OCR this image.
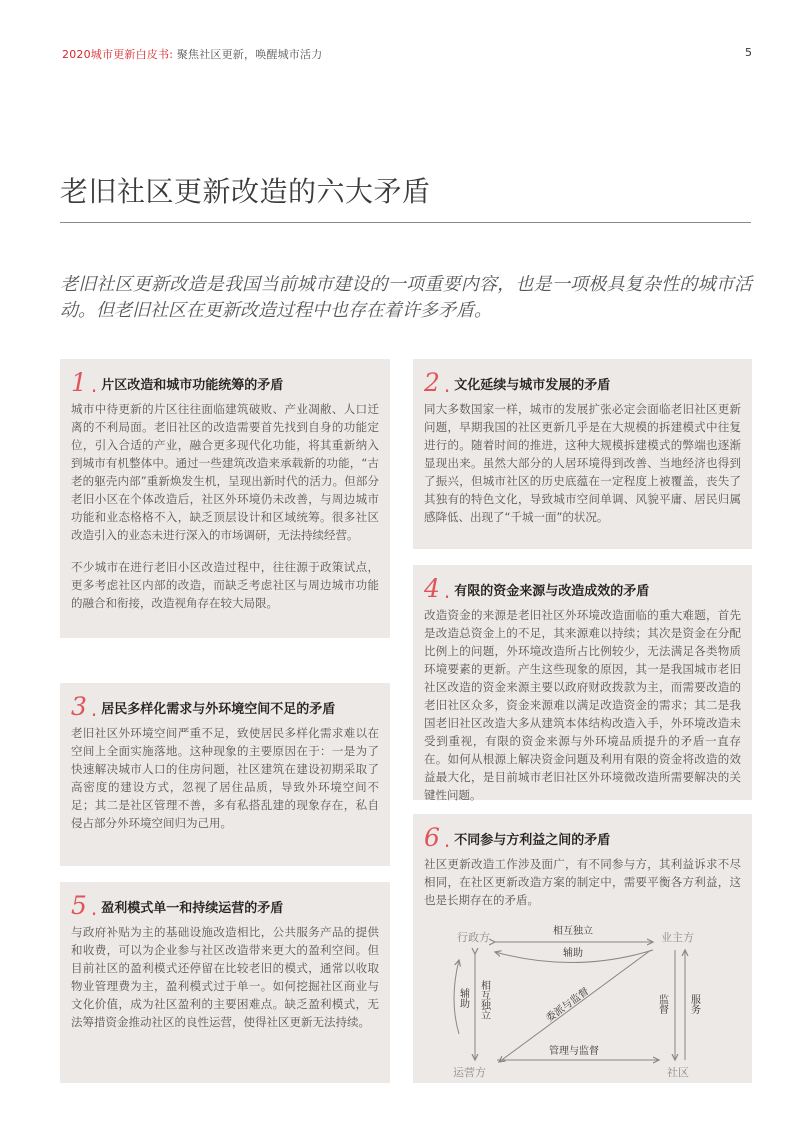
2020城市更新白皮书: 聚焦社区更新，唤醒城市活力	5
老旧社区更新改造的六大矛盾

老旧社区更新改造是我国当前城市建设的一项重要内容，也是一项极具复杂性的城市活动。但老旧社区在更新改造过程中也存在着许多矛盾。

1 . 片区改造和城市功能统筹的矛盾

城市中待更新的片区往往面临建筑破败、产业凋敝、人口迁离的不利局面。老旧社区的改造需要首先找到自身的功能定位，引入合适的产业，融合更多现代化功能，将其重新纳入到城市有机整体中。通过一些建筑改造来承载新的功能，“古老的躯壳内部”重新焕发生机，呈现出新时代的活力。但部分老旧小区在个体改造后，社区外环境仍未改善，与周边城市功能和业态格格不入，缺乏顶层设计和区域统筹。很多社区改造引入的业态未进行深入的市场调研，无法持续经营。

不少城市在进行老旧小区改造过程中，往往源于政策试点，更多考虑社区内部的改造，而缺乏考虑社区与周边城市功能的融合和衔接，改造视角存在较大局限。

2 . 文化延续与城市发展的矛盾

同大多数国家一样，城市的发展扩张必定会面临老旧社区更新问题，早期我国的社区更新几乎是在大规模的拆建模式中往复进行的。随着时间的推进，这种大规模拆建模式的弊端也逐渐显现出来。虽然大部分的人居环境得到改善、当地经济也得到了振兴，但城市社区的历史底蕴在一定程度上被覆盖，丧失了其独有的特色文化，导致城市空间单调、风貌平庸、居民归属感降低、出现了“千城一面”的状况。

3 . 居民多样化需求与外环境空间不足的矛盾

老旧社区外环境空间严重不足，致使居民多样化需求难以在空间上全面实施落地。这种现象的主要原因在于：一是为了快速解决城市人口的住房问题，社区建筑在建设初期采取了高密度的建设方式，忽视了居住品质，导致外环境空间不足；其二是社区管理不善，多有私搭乱建的现象存在，私自侵占部分外环境空间归为己用。

4 . 有限的资金来源与改造成效的矛盾

改造资金的来源是老旧社区外环境改造面临的重大难题，首先是改造总资金上的不足，其来源难以持续；其次是资金在分配比例上的问题，外环境改造所占比例较少，无法满足各类物质环境要素的更新。产生这些现象的原因，其一是我国城市老旧社区改造的资金来源主要以政府财政拨款为主，而需要改造的老旧社区众多，资金来源难以满足改造资金的需求；其二是我国老旧社区改造大多从建筑本体结构改造入手，外环境改造未受到重视，有限的资金来源与外环境品质提升的矛盾一直存在。如何从根源上解决资金问题及利用有限的资金将改造的效益最大化，是目前城市老旧社区外环境微改造所需要解决的关键性问题。

5 . 盈利模式单一和持续运营的矛盾

与政府补贴为主的基础设施改造相比，公共服务产品的提供和收费，可以为企业参与社区改造带来更大的盈利空间。但目前社区的盈利模式还停留在比较老旧的模式，通常以收取物业管理费为主，盈利模式过于单一。如何挖掘社区商业与文化价值，成为社区盈利的主要困难点。缺乏盈利模式，无法筹措资金推动社区的良性运营，使得社区更新无法持续。

6 . 不同参与方利益之间的矛盾

社区更新改造工作涉及面广，有不同参与方，其利益诉求不尽相同，在社区更新改造方案的制定中，需要平衡各方利益，这也是长期存在的矛盾。

行政方	业主方
运营方	社区
相互独立
辅助
辅助 相互独立	委派与监督	监督 服务
管理与监督
